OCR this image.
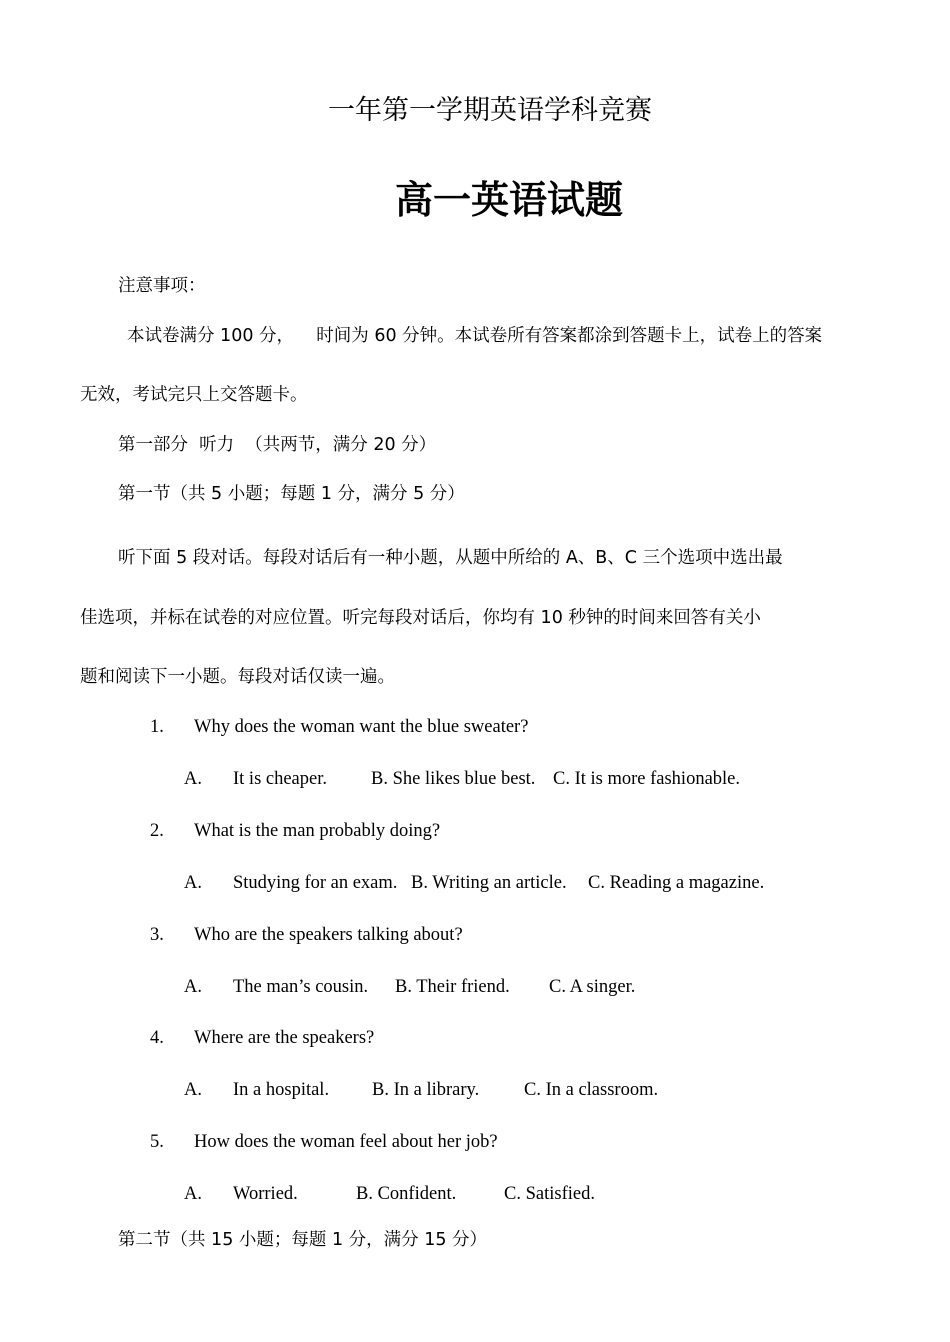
一年第一学期英语学科竞赛
高一英语试题
注意事项：
本试卷满分 100 分，    时间为 60 分钟。本试卷所有答案都涂到答题卡上，试卷上的答案
无效，考试完只上交答题卡。
第一部分  听力  （共两节，满分 20 分）
第一节（共 5 小题；每题 1 分，满分 5 分）
听下面 5 段对话。每段对话后有一种小题，从题中所给的 A、B、C 三个选项中选出最
佳选项，并标在试卷的对应位置。听完每段对话后，你均有 10 秒钟的时间来回答有关小
题和阅读下一小题。每段对话仅读一遍。
1. Why does the woman want the blue sweater?
A. It is cheaper. B. She likes blue best. C. It is more fashionable.
2. What is the man probably doing?
A. Studying for an exam. B. Writing an article. C. Reading a magazine.
3. Who are the speakers talking about?
A. The man’s cousin. B. Their friend. C. A singer.
4. Where are the speakers?
A. In a hospital. B. In a library. C. In a classroom.
5. How does the woman feel about her job?
A. Worried.	B. Confident.	C. Satisfied.
第二节（共 15 小题；每题 1 分，满分 15 分）
